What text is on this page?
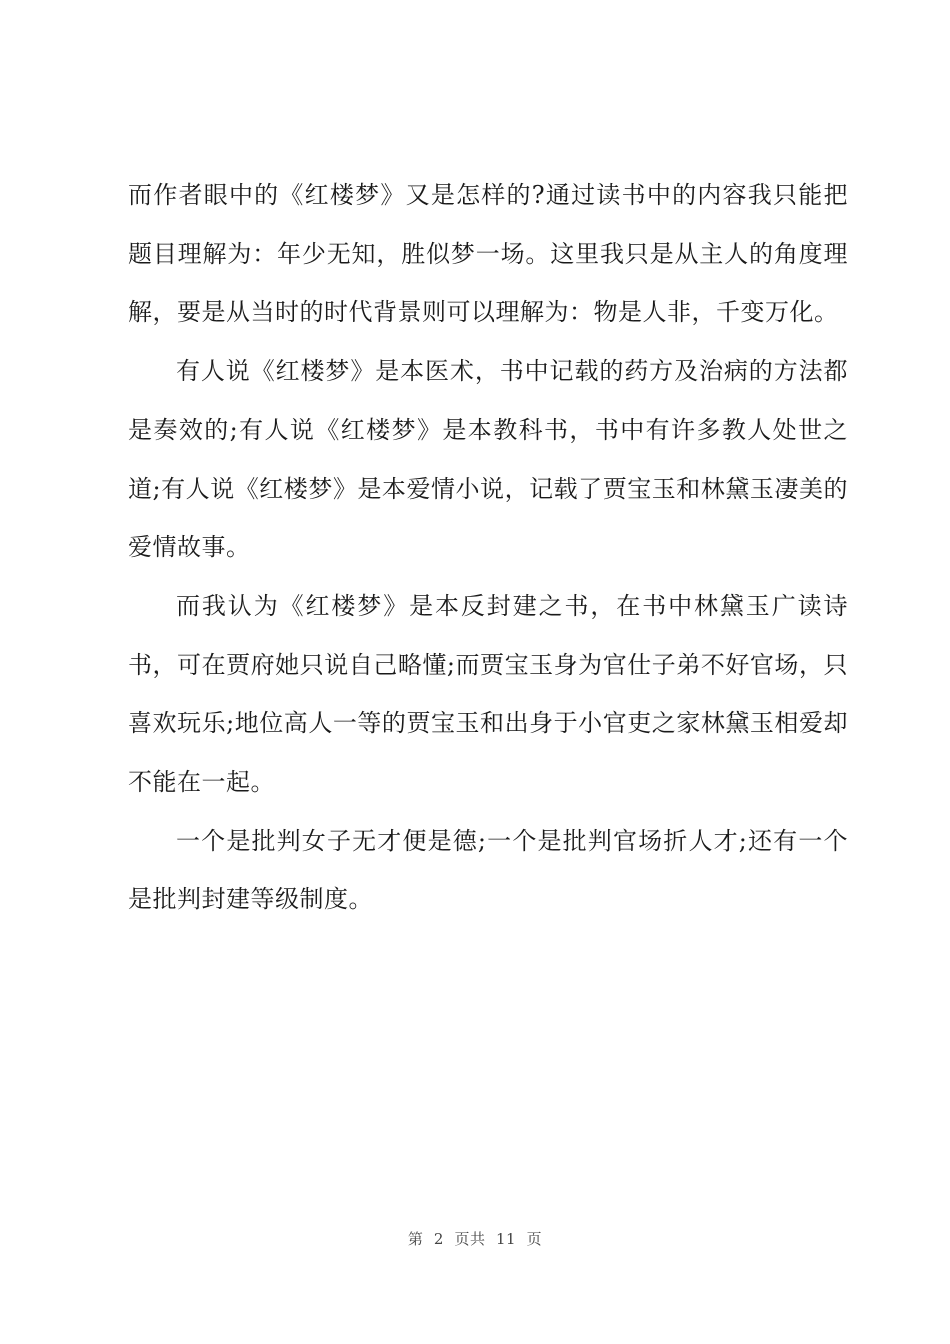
而作者眼中的《红楼梦》又是怎样的?通过读书中的内容我只能把题目理解为：年少无知，胜似梦一场。这里我只是从主人的角度理解，要是从当时的时代背景则可以理解为：物是人非，千变万化。

有人说《红楼梦》是本医术，书中记载的药方及治病的方法都是奏效的;有人说《红楼梦》是本教科书，书中有许多教人处世之道;有人说《红楼梦》是本爱情小说，记载了贾宝玉和林黛玉凄美的爱情故事。

而我认为《红楼梦》是本反封建之书，在书中林黛玉广读诗书，可在贾府她只说自己略懂;而贾宝玉身为官仕子弟不好官场，只喜欢玩乐;地位高人一等的贾宝玉和出身于小官吏之家林黛玉相爱却不能在一起。

一个是批判女子无才便是德;一个是批判官场折人才;还有一个是批判封建等级制度。

第  2  页共  11  页
